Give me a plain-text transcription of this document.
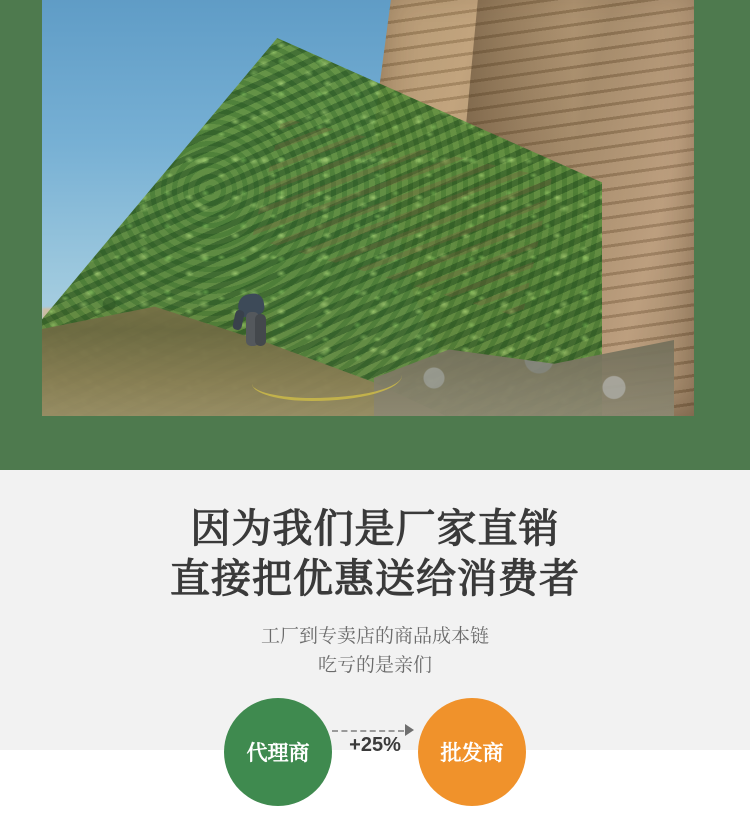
因为我们是厂家直销
直接把优惠送给消费者
工厂到专卖店的商品成本链
吃亏的是亲们
代理商 +25% 批发商
